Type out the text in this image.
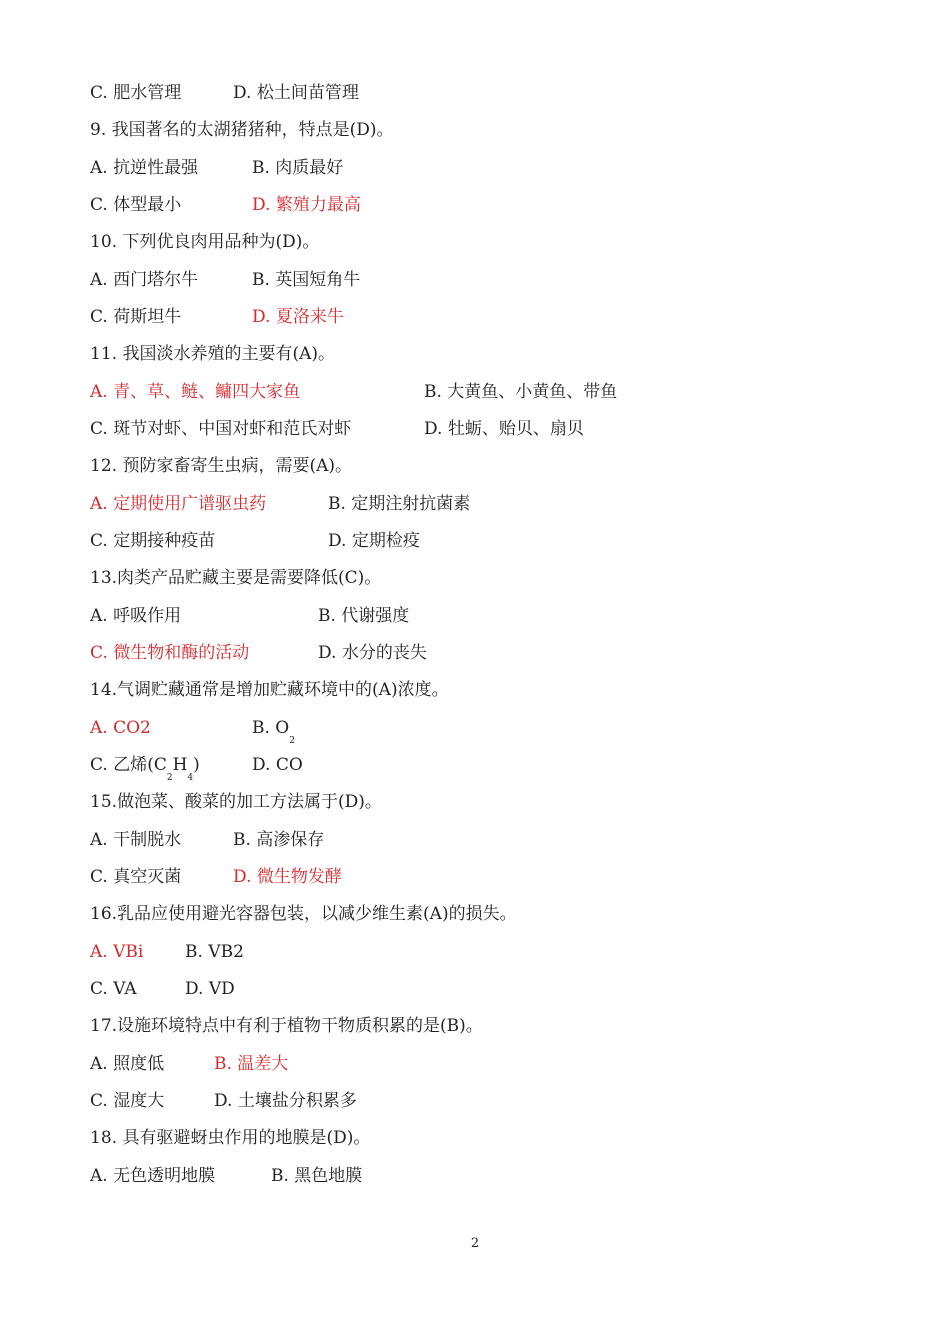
C. 肥水管理	D. 松土间苗管理
9. 我国著名的太湖猪猪种，特点是(D)。
A. 抗逆性最强	B. 肉质最好
C. 体型最小	D. 繁殖力最高
10. 下列优良肉用品种为(D)。
A. 西门塔尔牛	B. 英国短角牛
C. 荷斯坦牛	D. 夏洛来牛
11. 我国淡水养殖的主要有(A)。
A. 青、草、鲢、鳙四大家鱼	B. 大黄鱼、小黄鱼、带鱼
C. 斑节对虾、中国对虾和范氏对虾	D. 牡蛎、贻贝、扇贝
12. 预防家畜寄生虫病，需要(A)。
A. 定期使用广谱驱虫药	B. 定期注射抗菌素
C. 定期接种疫苗	D. 定期检疫
13.肉类产品贮藏主要是需要降低(C)。
A. 呼吸作用	B. 代谢强度
C. 微生物和酶的活动	D. 水分的丧失
14.气调贮藏通常是增加贮藏环境中的(A)浓度。
A. CO2	B. $O_2$
C. 乙烯$(C_2H_4)$	D. CO
15.做泡菜、酸菜的加工方法属于(D)。
A. 干制脱水	B. 高渗保存
C. 真空灭菌	D. 微生物发酵
16.乳品应使用避光容器包装，以减少维生素(A)的损失。
A. VBi B. VB2
C. VA	D. VD
17.设施环境特点中有利于植物干物质积累的是(B)。
A. 照度低	B. 温差大
C. 湿度大	D. 土壤盐分积累多
18. 具有驱避蚜虫作用的地膜是(D)。
A. 无色透明地膜	B. 黑色地膜
2
